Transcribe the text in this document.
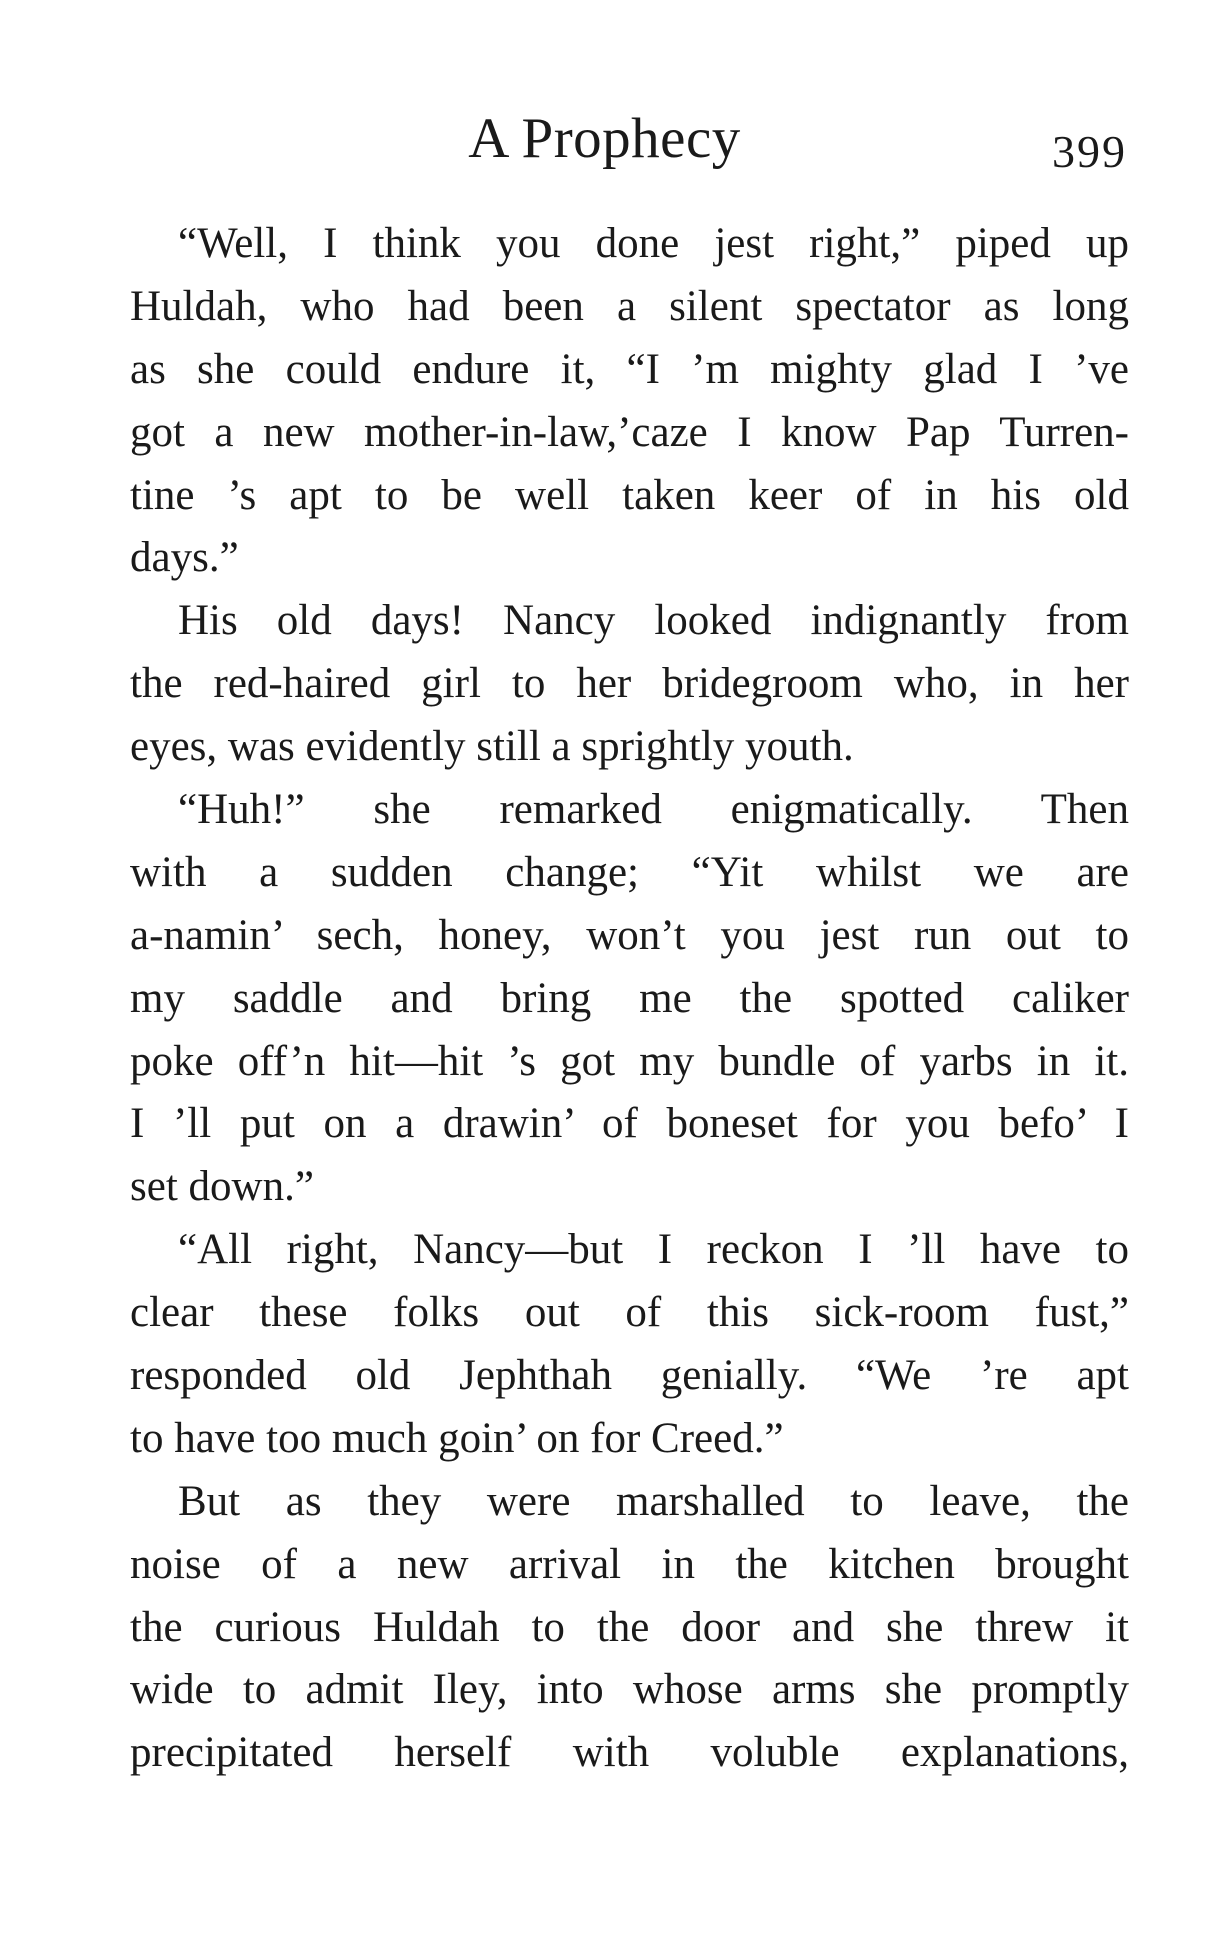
A Prophecy	399
“Well, I think you done jest right,” piped up
Huldah, who had been a silent spectator as long
as she could endure it, “I ’m mighty glad I ’ve
got a new mother-in-law,’caze I know Pap Turren-
tine ’s apt to be well taken keer of in his old
days.”
His old days! Nancy looked indignantly from
the red-haired girl to her bridegroom who, in her
eyes, was evidently still a sprightly youth.
“Huh!” she remarked enigmatically. Then
with a sudden change; “Yit whilst we are
a-namin’ sech, honey, won’t you jest run out to
my saddle and bring me the spotted caliker
poke off’n hit—hit ’s got my bundle of yarbs in it.
I ’ll put on a drawin’ of boneset for you befo’ I
set down.”
“All right, Nancy—but I reckon I ’ll have to
clear these folks out of this sick-room fust,”
responded old Jephthah genially. “We ’re apt
to have too much goin’ on for Creed.”
But as they were marshalled to leave, the
noise of a new arrival in the kitchen brought
the curious Huldah to the door and she threw it
wide to admit Iley, into whose arms she promptly
precipitated herself with voluble explanations,
